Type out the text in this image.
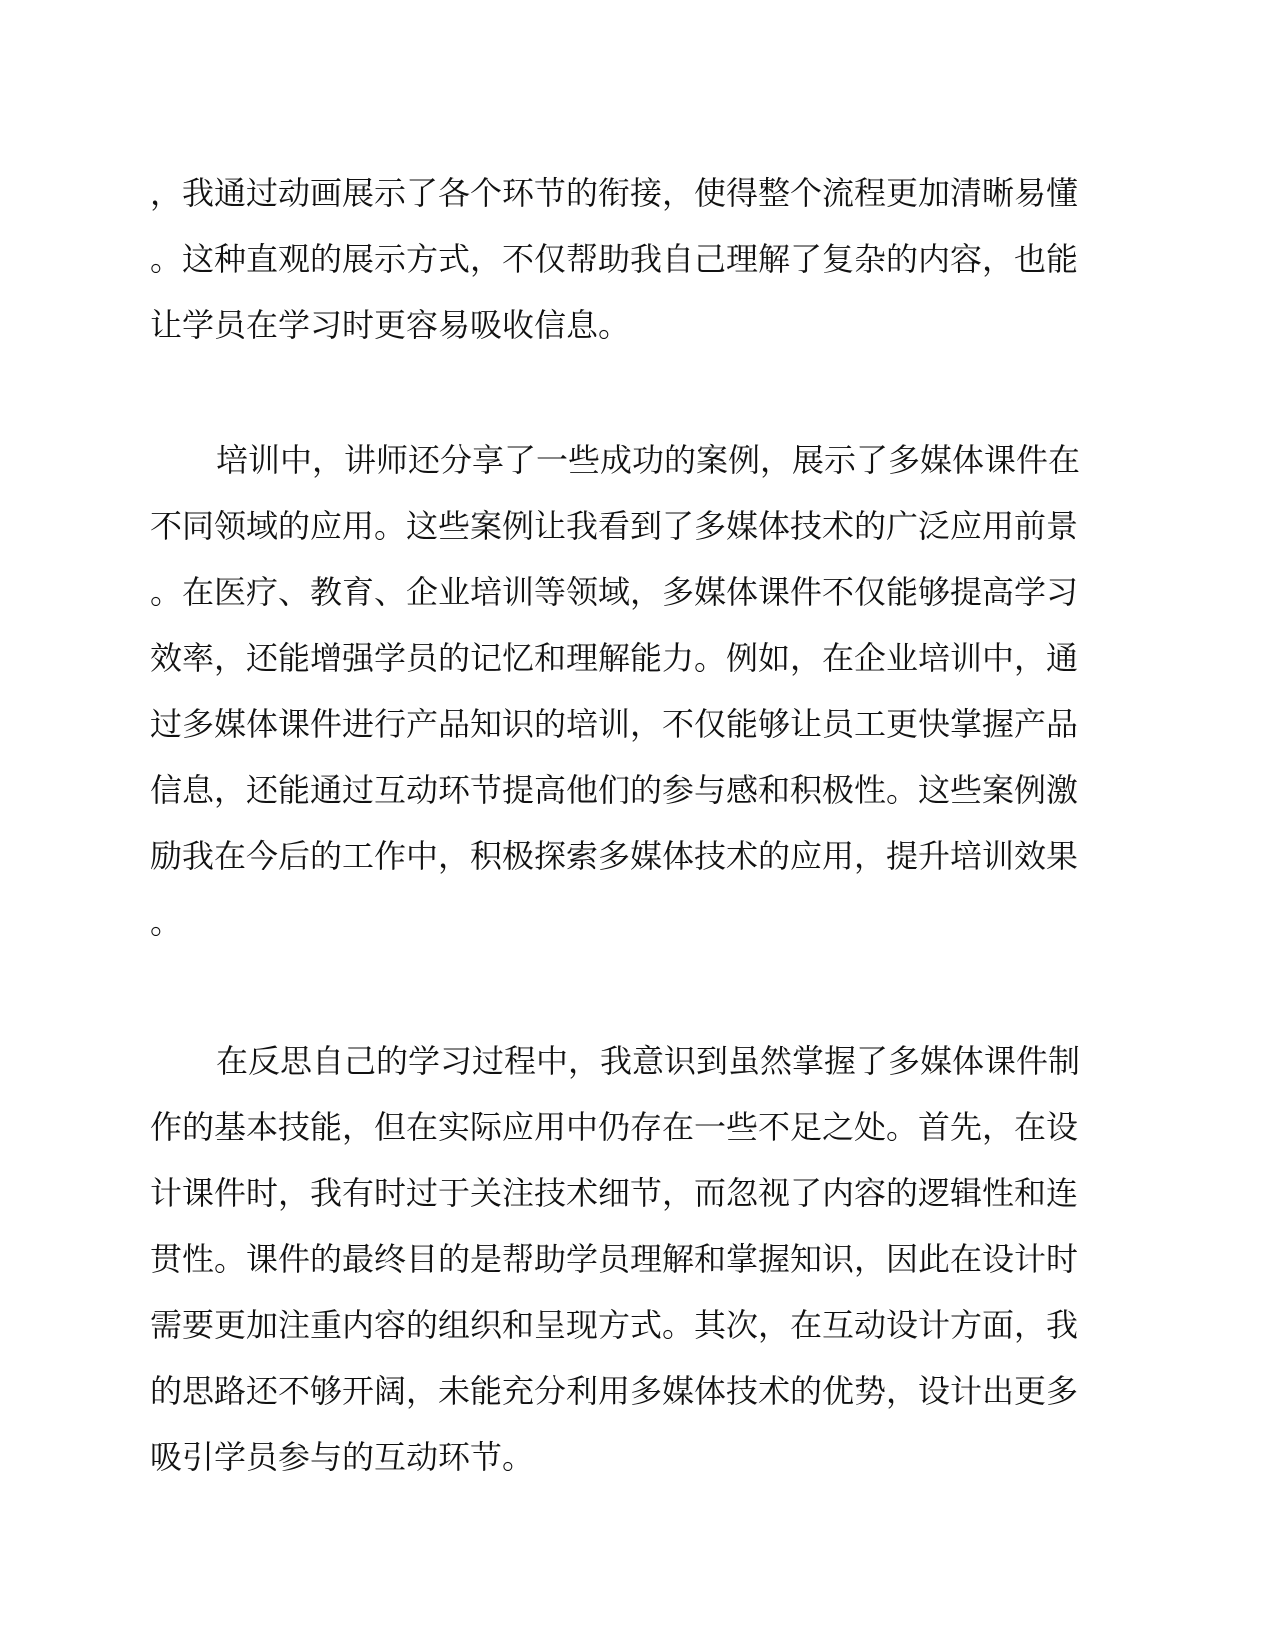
，我通过动画展示了各个环节的衔接，使得整个流程更加清晰易懂
。这种直观的展示方式，不仅帮助我自己理解了复杂的内容，也能
让学员在学习时更容易吸收信息。
培训中，讲师还分享了一些成功的案例，展示了多媒体课件在
不同领域的应用。这些案例让我看到了多媒体技术的广泛应用前景
。在医疗、教育、企业培训等领域，多媒体课件不仅能够提高学习
效率，还能增强学员的记忆和理解能力。例如，在企业培训中，通
过多媒体课件进行产品知识的培训，不仅能够让员工更快掌握产品
信息，还能通过互动环节提高他们的参与感和积极性。这些案例激
励我在今后的工作中，积极探索多媒体技术的应用，提升培训效果
。
在反思自己的学习过程中，我意识到虽然掌握了多媒体课件制
作的基本技能，但在实际应用中仍存在一些不足之处。首先，在设
计课件时，我有时过于关注技术细节，而忽视了内容的逻辑性和连
贯性。课件的最终目的是帮助学员理解和掌握知识，因此在设计时
需要更加注重内容的组织和呈现方式。其次，在互动设计方面，我
的思路还不够开阔，未能充分利用多媒体技术的优势，设计出更多
吸引学员参与的互动环节。
